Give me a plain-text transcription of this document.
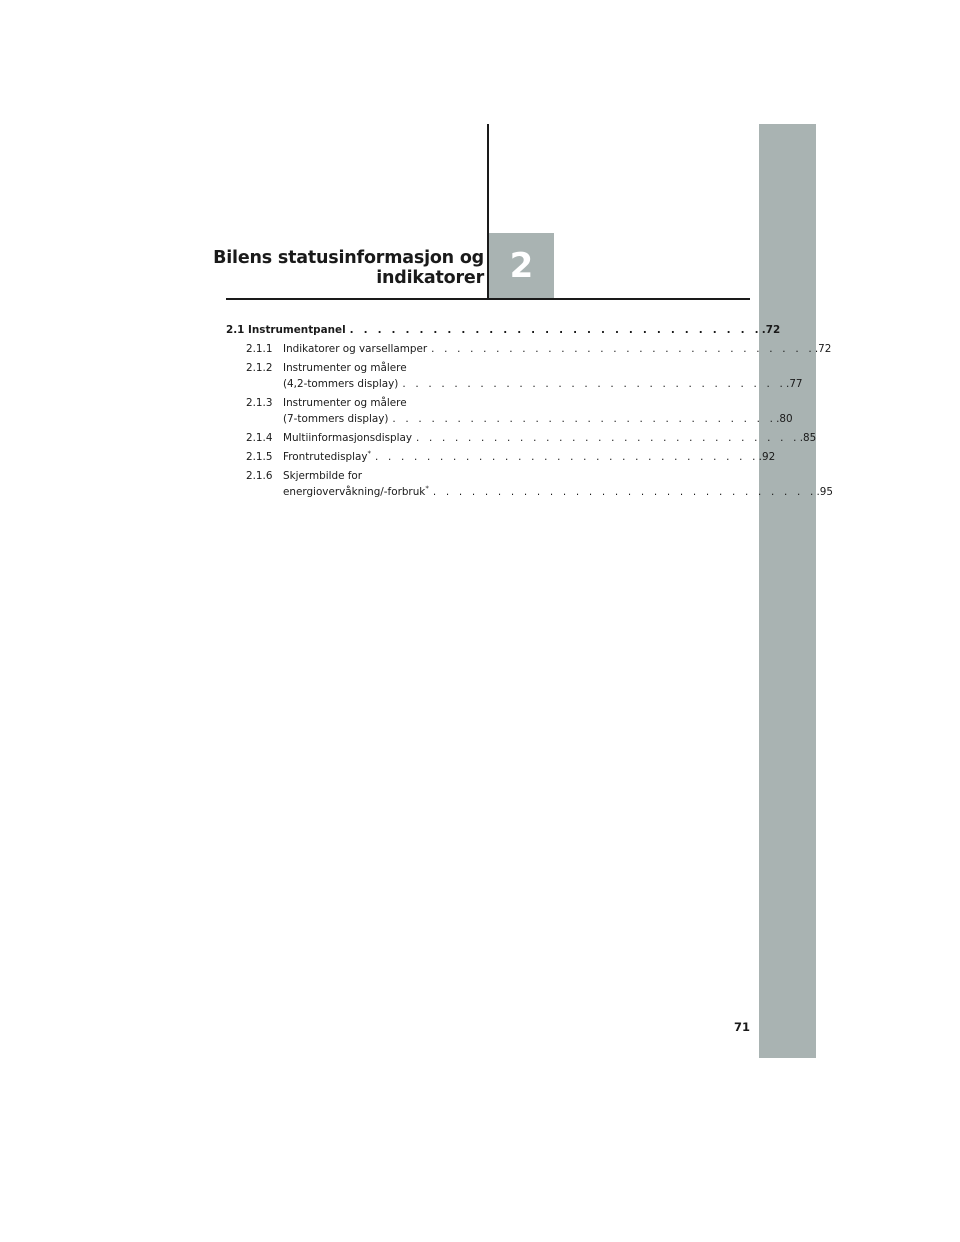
2
Bilens statusinformasjon og
indikatorer
2.1 Instrumentpanel . . . . . . . . . . . . . . . . . . . . . . . . . . . . . . .72
2.1.1	Indikatorer og varsellamper . . . . . . . . . . . . . . . . . . . . . . . . . . . . . . .72
2.1.2	Instrumenter og målere
(4,2-tommers display) . . . . . . . . . . . . . . . . . . . . . . . . . . . . . . .77
2.1.3	Instrumenter og målere
(7-tommers display) . . . . . . . . . . . . . . . . . . . . . . . . . . . . . . .80
2.1.4	Multiinformasjonsdisplay . . . . . . . . . . . . . . . . . . . . . . . . . . . . . . .85
2.1.5	Frontrutedisplay* . . . . . . . . . . . . . . . . . . . . . . . . . . . . . . .92
2.1.6	Skjermbilde for
energiovervåkning/-forbruk* . . . . . . . . . . . . . . . . . . . . . . . . . . . . . . .95
71
